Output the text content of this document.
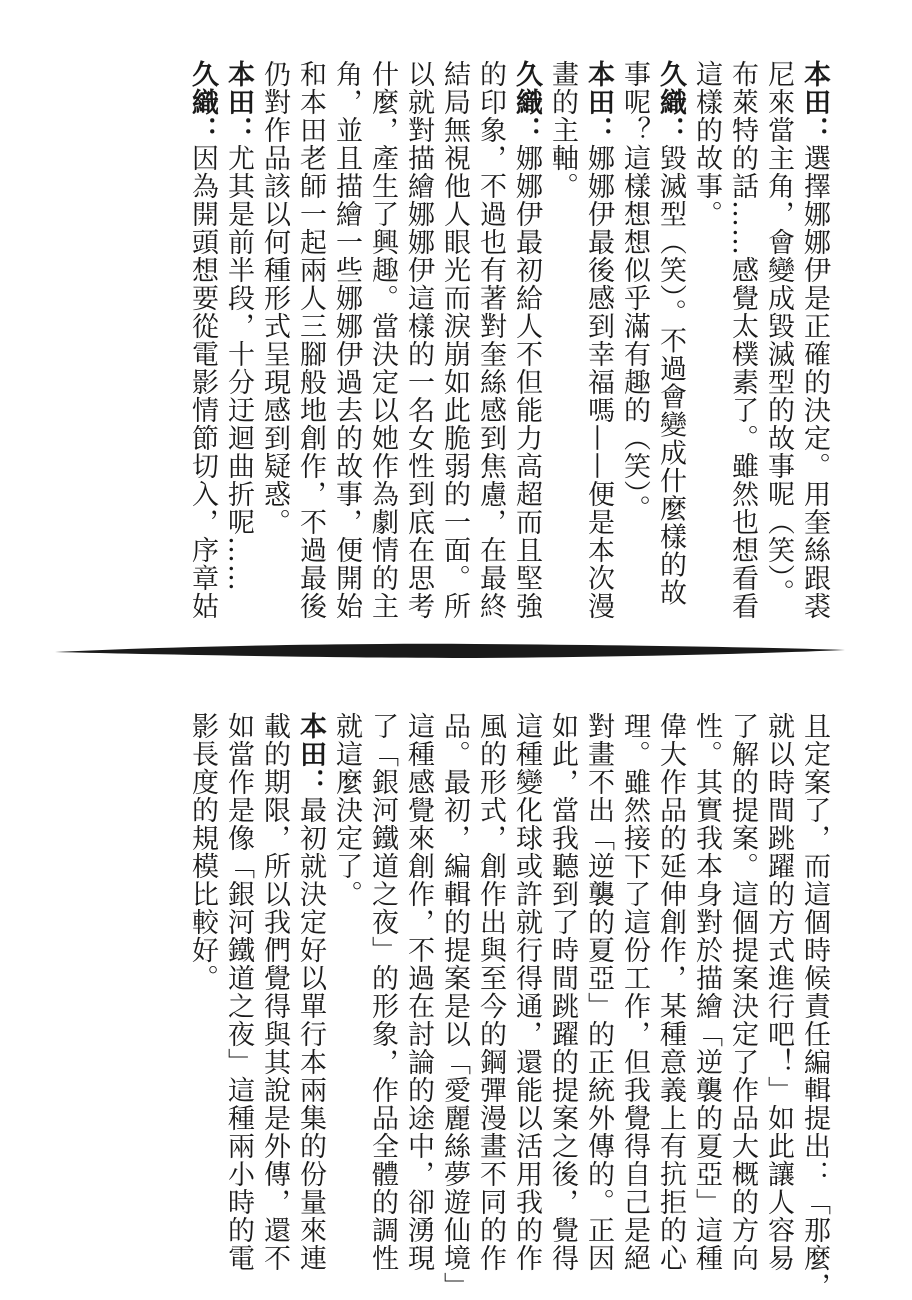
本田：選擇娜娜伊是正確的決定。用奎絲跟裘
尼來當主角，會變成毀滅型的故事呢（笑）。
布萊特的話……感覺太樸素了。雖然也想看看
這樣的故事。
久織：毀滅型（笑）。不過會變成什麼樣的故
事呢？這樣想想似乎滿有趣的（笑）。
本田：娜娜伊最後感到幸福嗎——便是本次漫
畫的主軸。
久織：娜娜伊最初給人不但能力高超而且堅強
的印象，不過也有著對奎絲感到焦慮，在最終
結局無視他人眼光而淚崩如此脆弱的一面。所
以就對描繪娜娜伊這樣的一名女性到底在思考
什麼，產生了興趣。當決定以她作為劇情的主
角，並且描繪一些娜娜伊過去的故事，便開始
和本田老師一起兩人三腳般地創作，不過最後
仍對作品該以何種形式呈現感到疑惑。
本田：尤其是前半段，十分迂迴曲折呢……
久織：因為開頭想要從電影情節切入，序章姑
且定案了，而這個時候責任編輯提出：「那麼，
就以時間跳躍的方式進行吧！」如此讓人容易
了解的提案。這個提案決定了作品大概的方向
性。其實我本身對於描繪「逆襲的夏亞」這種
偉大作品的延伸創作，某種意義上有抗拒的心
理。雖然接下了這份工作，但我覺得自己是絕
對畫不出「逆襲的夏亞」的正統外傳的。正因
如此，當我聽到了時間跳躍的提案之後，覺得
這種變化球或許就行得通，還能以活用我的作
風的形式，創作出與至今的鋼彈漫畫不同的作
品。最初，編輯的提案是以「愛麗絲夢遊仙境」
這種感覺來創作，不過在討論的途中，卻湧現
了「銀河鐵道之夜」的形象，作品全體的調性
就這麼決定了。
本田：最初就決定好以單行本兩集的份量來連
載的期限，所以我們覺得與其說是外傳，還不
如當作是像「銀河鐵道之夜」這種兩小時的電
影長度的規模比較好。
